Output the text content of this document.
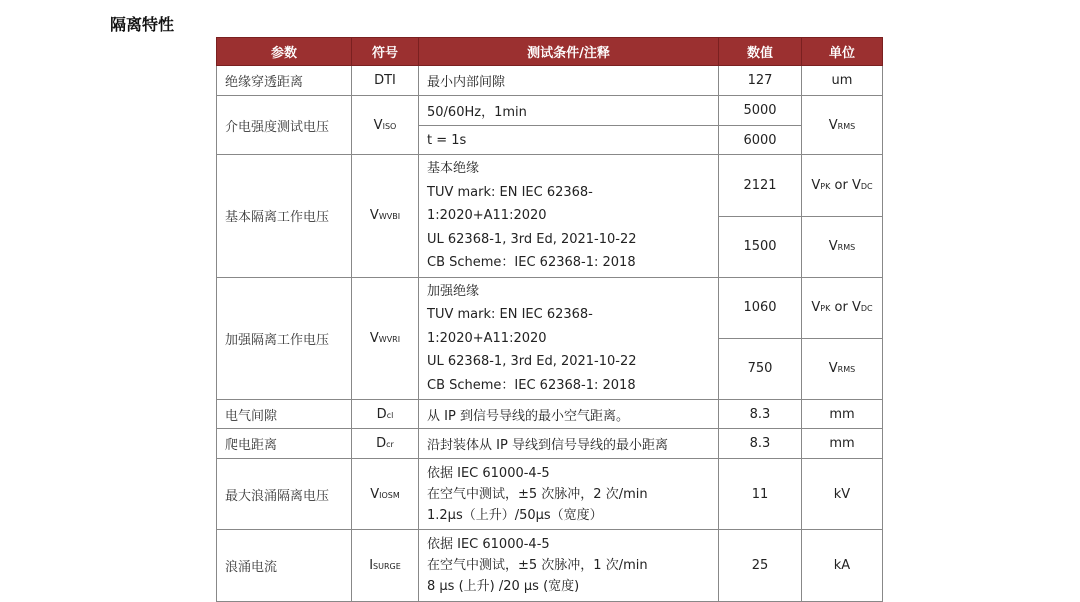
隔离特性
参数	符号	测试条件/注释	数值	单位
绝缘穿透距离	DTI	最小内部间隙	127	um
介电强度测试电压	VISO	50/60Hz，1min	5000	VRMS
		t = 1s	6000	
基本隔离工作电压	VWVBI	基本绝缘
TUV mark: EN IEC 62368-1:2020+A11:2020
UL 62368-1, 3rd Ed, 2021-10-22
CB Scheme：IEC 62368-1: 2018	2121	VPK or VDC
			1500	VRMS
加强隔离工作电压	VWVRI	加强绝缘
TUV mark: EN IEC 62368-1:2020+A11:2020
UL 62368-1, 3rd Ed, 2021-10-22
CB Scheme：IEC 62368-1: 2018	1060	VPK or VDC
			750	VRMS
电气间隙	Dcl	从 IP 到信号导线的最小空气距离。	8.3	mm
爬电距离	Dcr	沿封装体从 IP 导线到信号导线的最小距离	8.3	mm
最大浪涌隔离电压	VIOSM	依据 IEC 61000-4-5
在空气中测试，±5 次脉冲，2 次/min
1.2μs（上升）/50μs（宽度）	11	kV
浪涌电流	ISURGE	依据 IEC 61000-4-5
在空气中测试，±5 次脉冲，1 次/min
8 μs (上升) /20 μs (宽度)	25	kA
